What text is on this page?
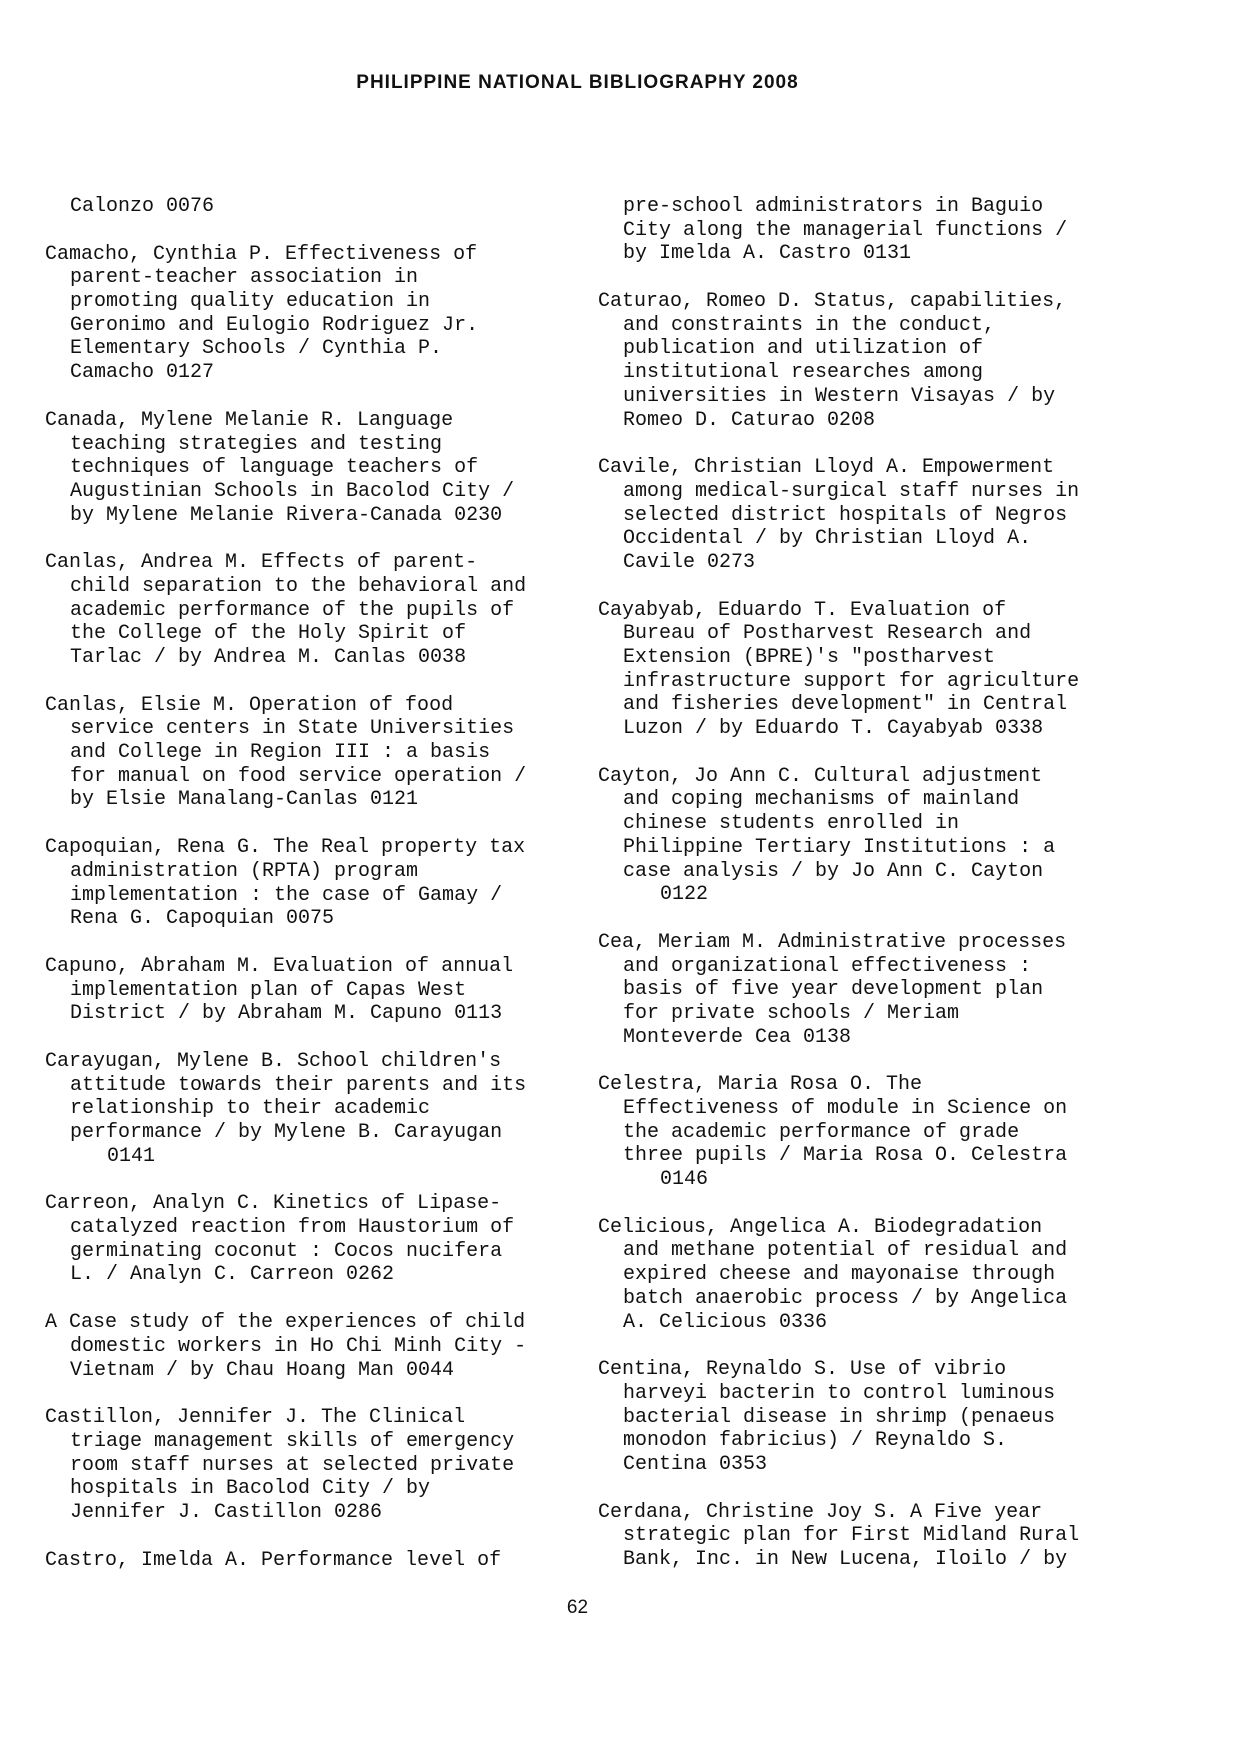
PHILIPPINE NATIONAL BIBLIOGRAPHY 2008
Calonzo 0076
Camacho, Cynthia P. Effectiveness of
parent-teacher association in
promoting quality education in
Geronimo and Eulogio Rodriguez Jr.
Elementary Schools / Cynthia P.
Camacho 0127
Canada, Mylene Melanie R. Language
teaching strategies and testing
techniques of language teachers of
Augustinian Schools in Bacolod City /
by Mylene Melanie Rivera-Canada 0230
Canlas, Andrea M. Effects of parent-
child separation to the behavioral and
academic performance of the pupils of
the College of the Holy Spirit of
Tarlac / by Andrea M. Canlas 0038
Canlas, Elsie M. Operation of food
service centers in State Universities
and College in Region III : a basis
for manual on food service operation /
by Elsie Manalang-Canlas 0121
Capoquian, Rena G. The Real property tax
administration (RPTA) program
implementation : the case of Gamay /
Rena G. Capoquian 0075
Capuno, Abraham M. Evaluation of annual
implementation plan of Capas West
District / by Abraham M. Capuno 0113
Carayugan, Mylene B. School children's
attitude towards their parents and its
relationship to their academic
performance / by Mylene B. Carayugan
0141
Carreon, Analyn C. Kinetics of Lipase-
catalyzed reaction from Haustorium of
germinating coconut : Cocos nucifera
L. / Analyn C. Carreon 0262
A Case study of the experiences of child
domestic workers in Ho Chi Minh City -
Vietnam / by Chau Hoang Man 0044
Castillon, Jennifer J. The Clinical
triage management skills of emergency
room staff nurses at selected private
hospitals in Bacolod City / by
Jennifer J. Castillon 0286
Castro, Imelda A. Performance level of
pre-school administrators in Baguio
City along the managerial functions /
by Imelda A. Castro 0131
Caturao, Romeo D. Status, capabilities,
and constraints in the conduct,
publication and utilization of
institutional researches among
universities in Western Visayas / by
Romeo D. Caturao 0208
Cavile, Christian Lloyd A. Empowerment
among medical-surgical staff nurses in
selected district hospitals of Negros
Occidental / by Christian Lloyd A.
Cavile 0273
Cayabyab, Eduardo T. Evaluation of
Bureau of Postharvest Research and
Extension (BPRE)'s "postharvest
infrastructure support for agriculture
and fisheries development" in Central
Luzon / by Eduardo T. Cayabyab 0338
Cayton, Jo Ann C. Cultural adjustment
and coping mechanisms of mainland
chinese students enrolled in
Philippine Tertiary Institutions : a
case analysis / by Jo Ann C. Cayton
0122
Cea, Meriam M. Administrative processes
and organizational effectiveness :
basis of five year development plan
for private schools / Meriam
Monteverde Cea 0138
Celestra, Maria Rosa O. The
Effectiveness of module in Science on
the academic performance of grade
three pupils / Maria Rosa O. Celestra
0146
Celicious, Angelica A. Biodegradation
and methane potential of residual and
expired cheese and mayonaise through
batch anaerobic process / by Angelica
A. Celicious 0336
Centina, Reynaldo S. Use of vibrio
harveyi bacterin to control luminous
bacterial disease in shrimp (penaeus
monodon fabricius) / Reynaldo S.
Centina 0353
Cerdana, Christine Joy S. A Five year
strategic plan for First Midland Rural
Bank, Inc. in New Lucena, Iloilo / by
62
